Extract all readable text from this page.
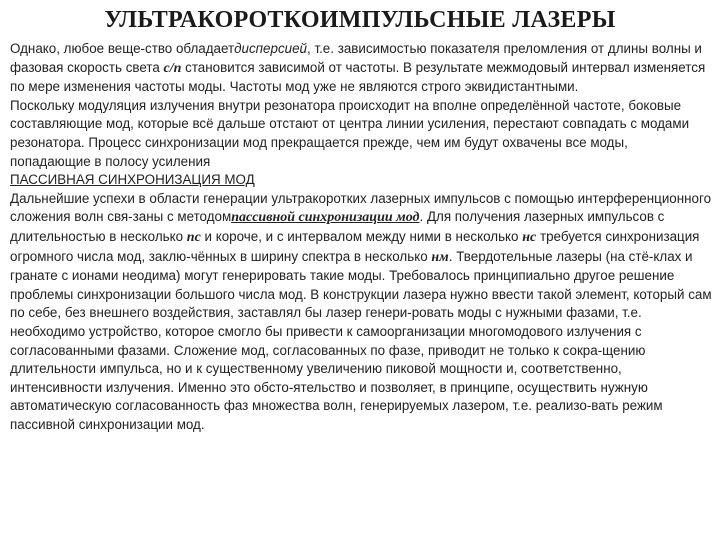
УЛЬТРАКОРОТКОИМПУЛЬСНЫЕ ЛАЗЕРЫ

Однако, любое веще-ство обладаетдисперсией, т.е. зависимостью показателя преломления от длины волны и фазовая скорость света c/n становится зависимой от частоты. В результате межмодовый интервал изменяется по мере изменения частоты моды. Частоты мод уже не являются строго эквидистантными.

Поскольку модуляция излучения внутри резонатора происходит на вполне определённой частоте, боковые составляющие мод, которые всё дальше отстают от центра линии усиления, перестают совпадать с модами резонатора. Процесс синхронизации мод прекращается прежде, чем им будут охвачены все моды, попадающие в полосу усиления

ПАССИВНАЯ СИНХРОНИЗАЦИЯ МОД

Дальнейшие успехи в области генерации ультракоротких лазерных импульсов с помощью интерференционного сложения волн свя-заны с методомпассивной синхронизации мод. Для получения лазерных импульсов с длительностью в несколько пс и короче, и с интервалом между ними в несколько нс требуется синхронизация огромного числа мод, заклю-чённых в ширину спектра в несколько нм. Твердотельные лазеры (на стё-клах и гранате с ионами неодима) могут генерировать такие моды. Требовалось принципиально другое решение проблемы синхронизации большого числа мод. В конструкции лазера нужно ввести такой элемент, который сам по себе, без внешнего воздействия, заставлял бы лазер генери-ровать моды с нужными фазами, т.е. необходимо устройство, которое смогло бы привести к самоорганизации многомодового излучения с согласованными фазами. Сложение мод, согласованных по фазе, приводит не только к сокра-щению длительности импульса, но и к существенному увеличению пиковой мощности и, соответственно, интенсивности излучения. Именно это обсто-ятельство и позволяет, в принципе, осуществить нужную автоматическую согласованность фаз множества волн, генерируемых лазером, т.е. реализо-вать режим пассивной синхронизации мод.
